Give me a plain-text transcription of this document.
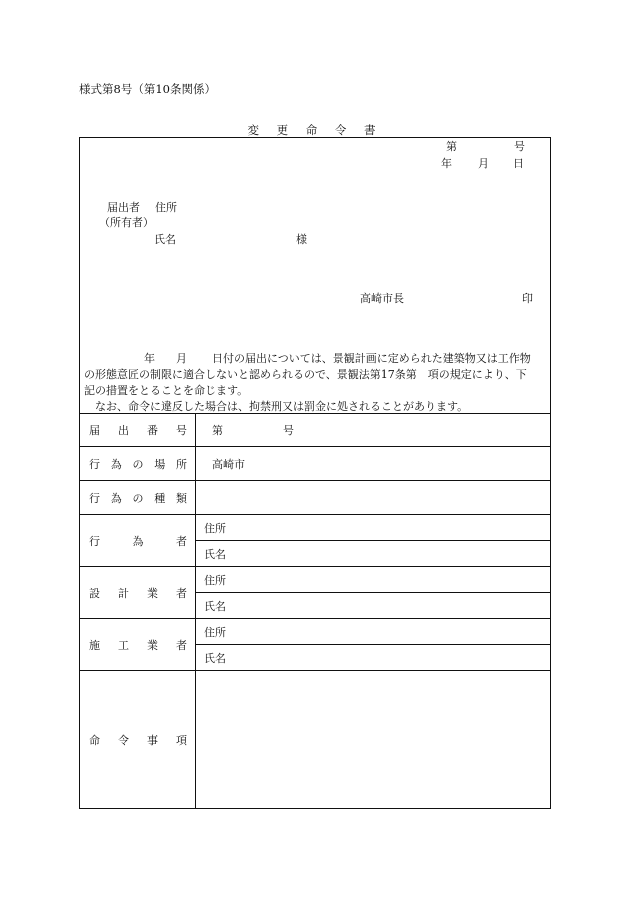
様式第8号（第10条関係）
変 更 命 令 書
第	号
年 月 日
届出者 住所
（所有者）
氏名	様
高崎市長	印
年 月 日付の届出については、景観計画に定められた建築物又は工作物
の形態意匠の制限に適合しないと認められるので、景観法第17条第　項の規定により、下
記の措置をとることを命じます。
なお、命令に違反した場合は、拘禁刑又は罰金に処されることがあります。
届 出 番 号 第	号
行 為 の 場 所 高崎市
行 為 の 種 類
行	為	者
住所
氏名
設 計 業 者
住所
氏名
施 工 業 者
住所
氏名
命 令 事 項
